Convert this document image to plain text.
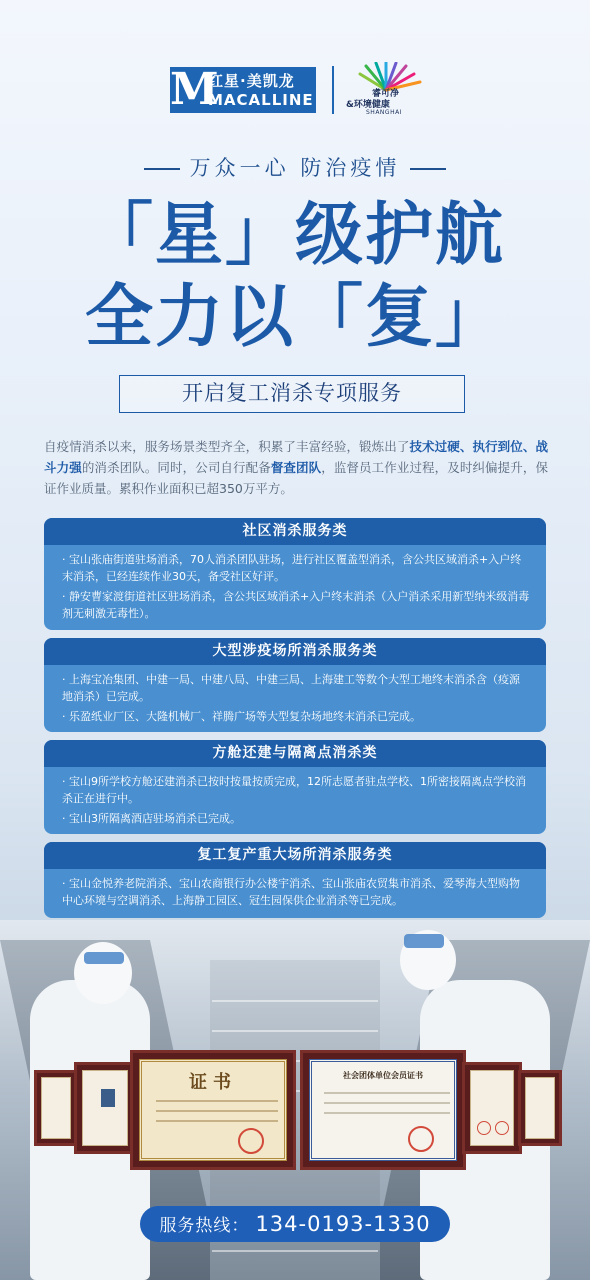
M
红星·美凯龙
MACALLINE	睿可净
&环境健康
SHANGHAI
万众一心 防治疫情
「星」级护航
全力以「复」
开启复工消杀专项服务
自疫情消杀以来，服务场景类型齐全，积累了丰富经验，锻炼出了技术过硬、执行到位、战斗力强的消杀团队。同时，公司自行配备督查团队，监督员工作业过程，及时纠偏提升，保证作业质量。累积作业面积已超350万平方。
社区消杀服务类
· 宝山张庙街道驻场消杀，70人消杀团队驻场，进行社区覆盖型消杀，含公共区域消杀+入户终末消杀，已经连续作业30天，备受社区好评。
· 静安曹家渡街道社区驻场消杀，含公共区域消杀+入户终末消杀（入户消杀采用新型纳米级消毒剂无刺激无毒性）。
大型涉疫场所消杀服务类
· 上海宝冶集团、中建一局、中建八局、中建三局、上海建工等数个大型工地终末消杀含（疫源地消杀）已完成。
· 乐盈纸业厂区、大隆机械厂、祥腾广场等大型复杂场地终末消杀已完成。
方舱还建与隔离点消杀类
· 宝山9所学校方舱还建消杀已按时按量按质完成，12所志愿者驻点学校、1所密接隔离点学校消杀正在进行中。
· 宝山3所隔离酒店驻场消杀已完成。
复工复产重大场所消杀服务类
· 宝山金悦养老院消杀、宝山农商银行办公楼宇消杀、宝山张庙农贸集市消杀、爱琴海大型购物中心环境与空调消杀、上海静工园区、冠生园保供企业消杀等已完成。
证书	社会团体单位会员证书
服务热线： 134-0193-1330
